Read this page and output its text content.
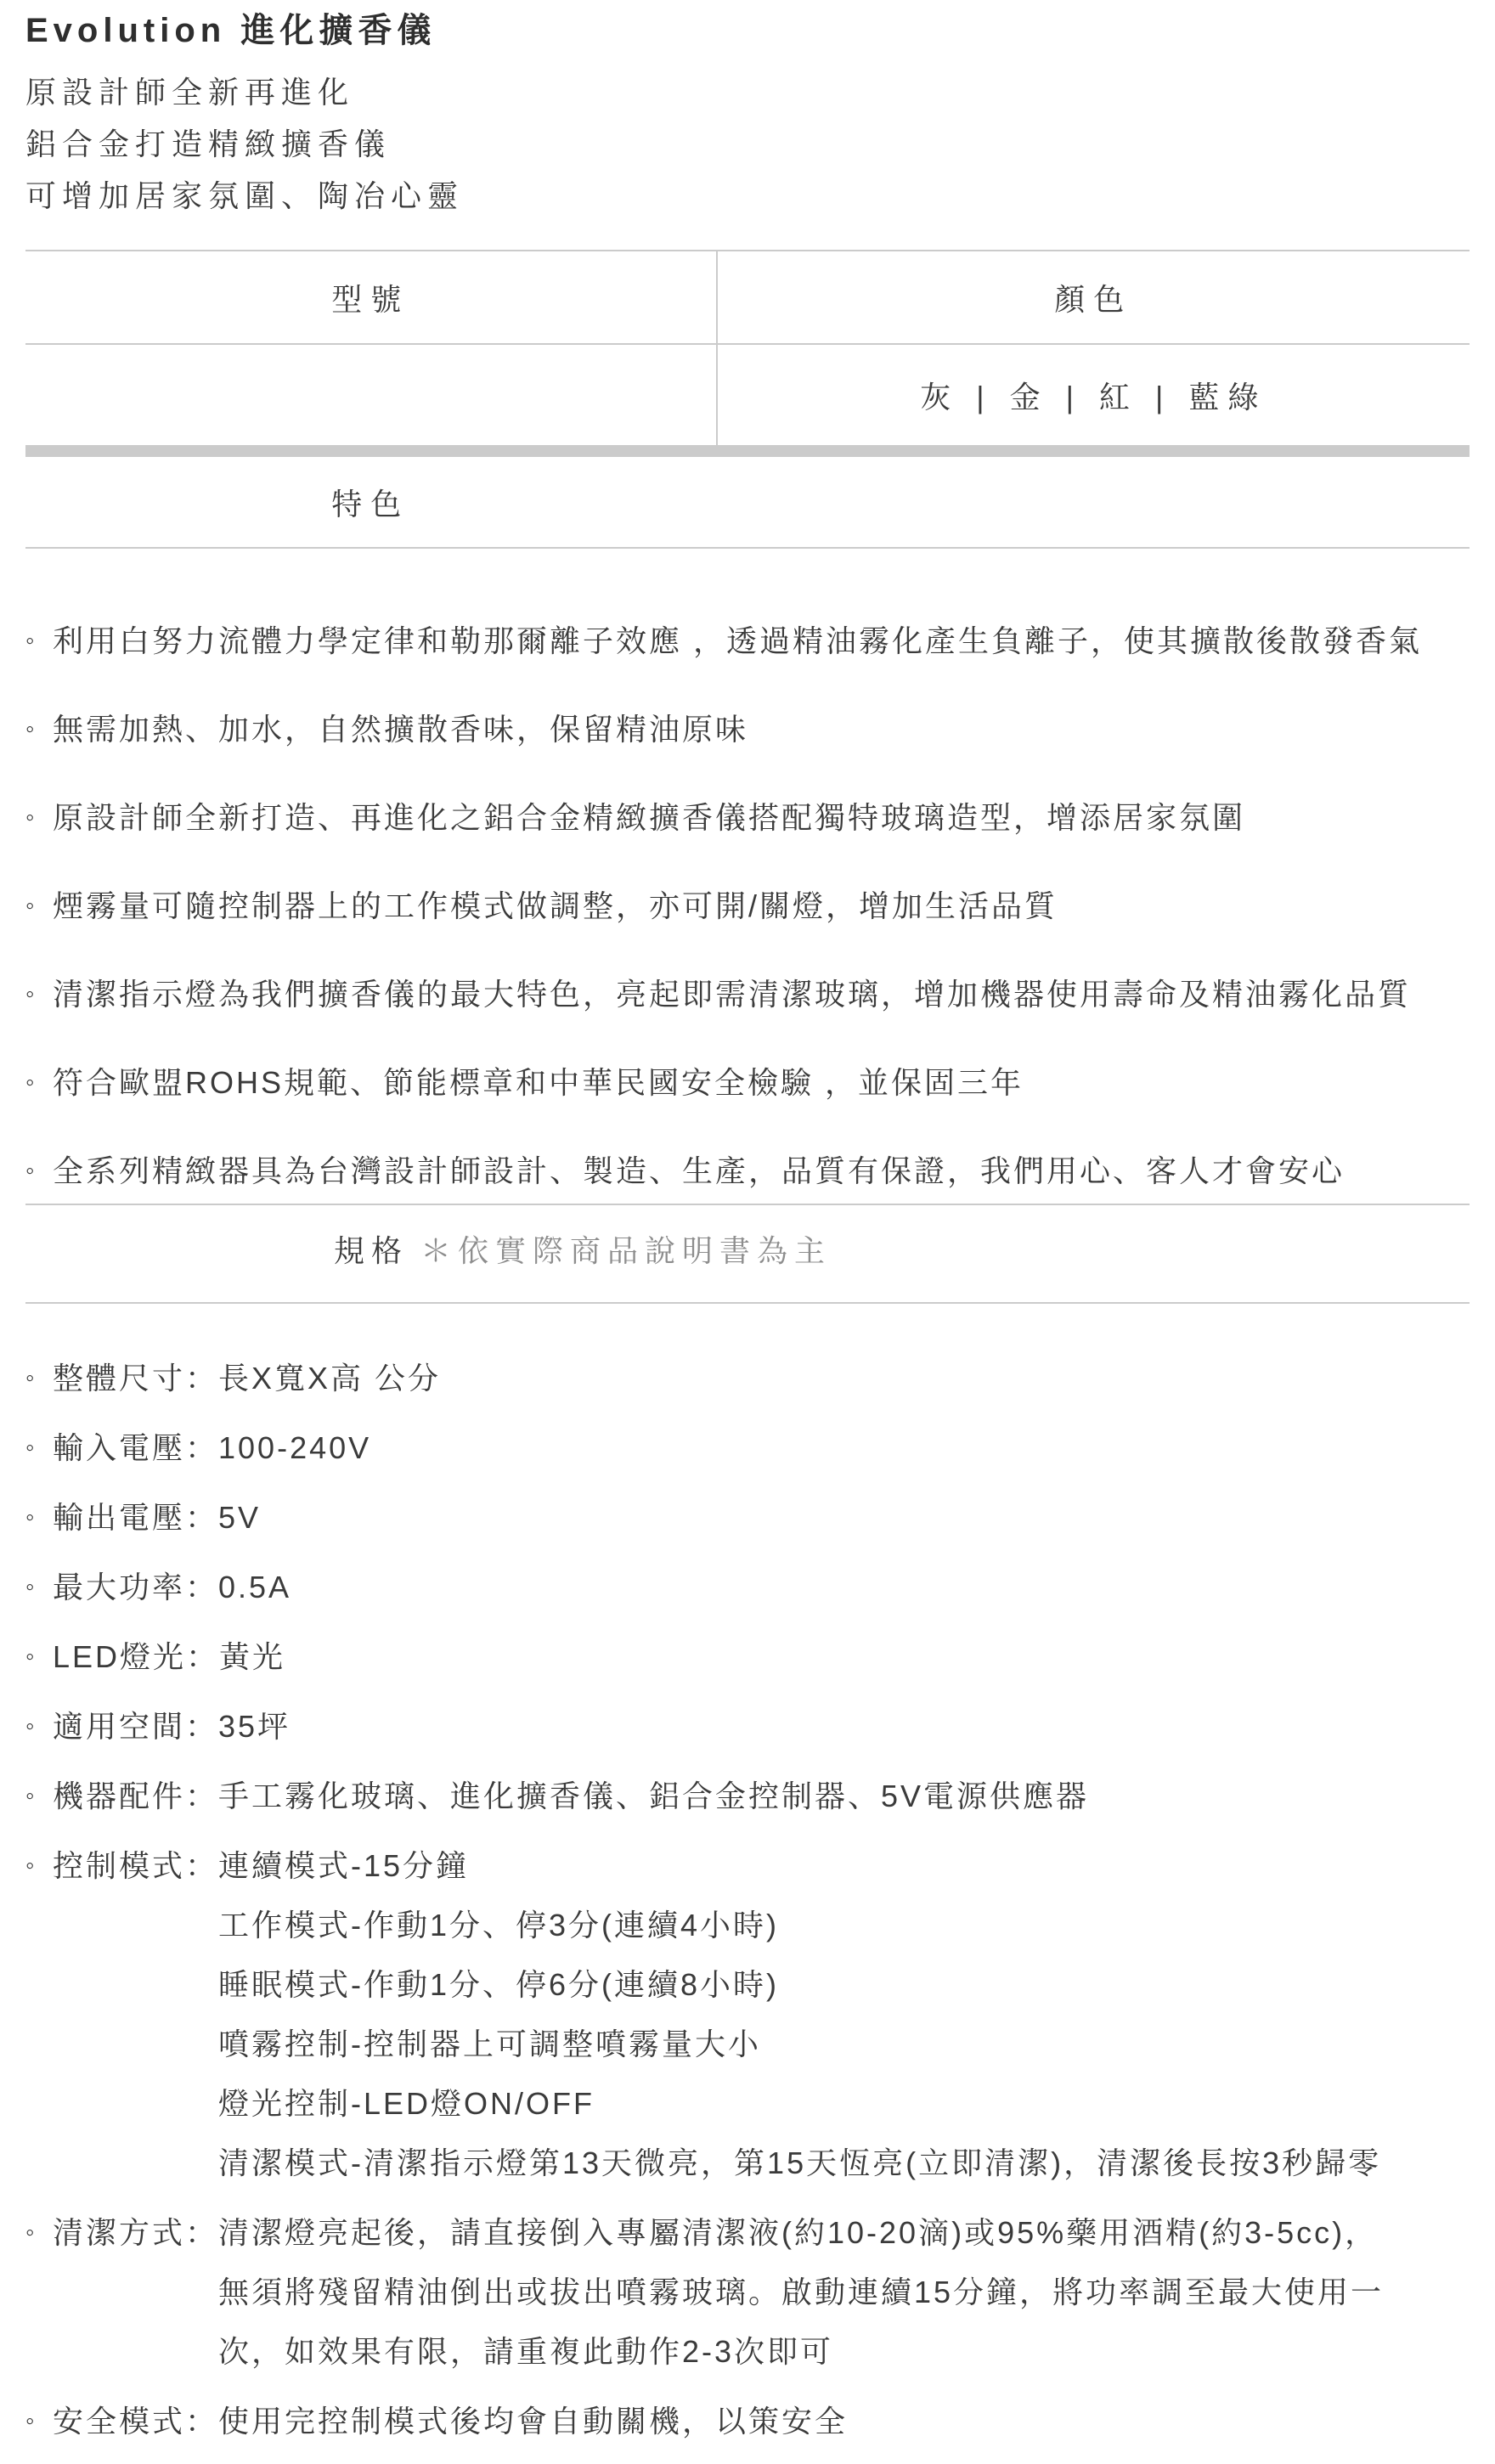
Evolution 進化擴香儀
原設計師全新再進化
鋁合金打造精緻擴香儀
可增加居家氛圍、陶冶心靈
型號	顏色
	灰 | 金 | 紅 | 藍綠
特色
◦
利用白努力流體力學定律和勒那爾離子效應 ，透過精油霧化產生負離子，使其擴散後散發香氣
◦
無需加熱、加水，自然擴散香味，保留精油原味
◦
原設計師全新打造、再進化之鋁合金精緻擴香儀搭配獨特玻璃造型，增添居家氛圍
◦
煙霧量可隨控制器上的工作模式做調整，亦可開/關燈，增加生活品質
◦
清潔指示燈為我們擴香儀的最大特色，亮起即需清潔玻璃，增加機器使用壽命及精油霧化品質
◦
符合歐盟ROHS規範、節能標章和中華民國安全檢驗 ，並保固三年
◦
全系列精緻器具為台灣設計師設計、製造、生產，品質有保證，我們用心、客人才會安心
規格 ＊依實際商品說明書為主
◦
整體尺寸： 長X寬X高 公分
◦
輸入電壓： 100-240V
◦
輸出電壓： 5V
◦
最大功率： 0.5A
◦
LED燈光： 黃光
◦
適用空間： 35坪
◦
機器配件： 手工霧化玻璃、進化擴香儀、鋁合金控制器、5V電源供應器
◦
控制模式： 連續模式-15分鐘
工作模式-作動1分、停3分(連續4小時)
睡眠模式-作動1分、停6分(連續8小時)
噴霧控制-控制器上可調整噴霧量大小
燈光控制-LED燈ON/OFF
清潔模式-清潔指示燈第13天微亮，第15天恆亮(立即清潔)，清潔後長按3秒歸零
◦
清潔方式： 清潔燈亮起後，請直接倒入專屬清潔液(約10-20滴)或95%藥用酒精(約3-5cc)，
無須將殘留精油倒出或拔出噴霧玻璃。啟動連續15分鐘，將功率調至最大使用一
次，如效果有限，請重複此動作2-3次即可
◦
安全模式： 使用完控制模式後均會自動關機，以策安全
